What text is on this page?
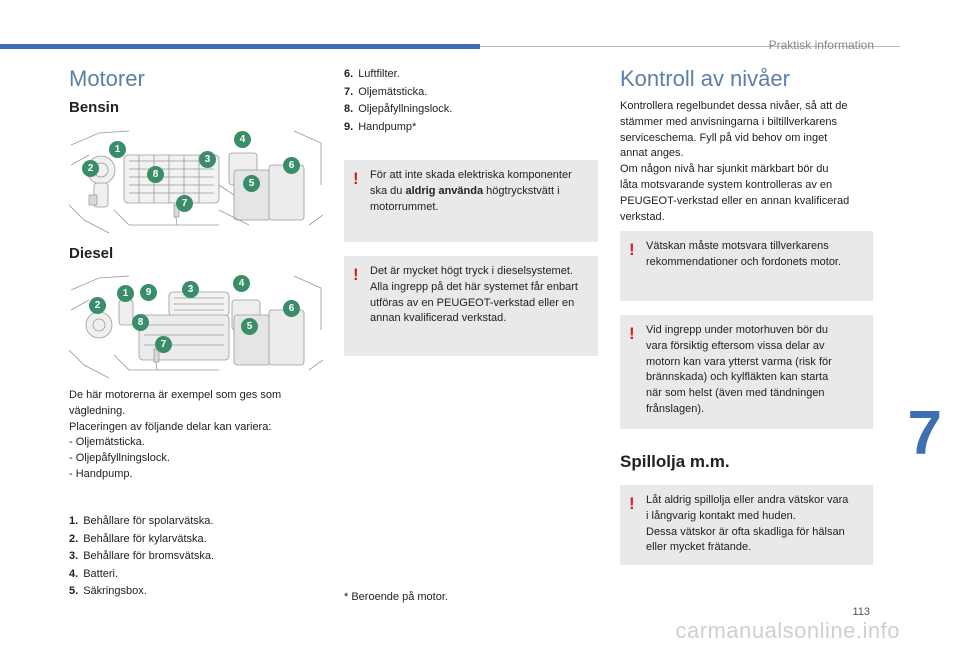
Praktisk information
Motorer
Bensin
1
2
3
4
5
6
7
8
Diesel
1
2
3
4
5
6
7
8
9

De här motorerna är exempel som ges som

vägledning.

Placeringen av följande delar kan variera:

- Oljemätsticka.

- Oljepåfyllningslock.

- Handpump.

1. Behållare för spolarvätska.
2. Behållare för kylarvätska.
3. Behållare för bromsvätska.
4. Batteri.
5. Säkringsbox.
6. Luftfilter.
7. Oljemätsticka.
8. Oljepåfyllningslock.
9. Handpump*
! För att inte skada elektriska komponenter

ska du aldrig använda högtryckstvätt i

motorrummet.

! Det är mycket högt tryck i dieselsystemet.

Alla ingrepp på det här systemet får enbart

utföras av en PEUGEOT-verkstad eller en

annan kvalificerad verkstad.

* Beroende på motor.
Kontroll av nivåer

Kontrollera regelbundet dessa nivåer, så att de

stämmer med anvisningarna i biltillverkarens

serviceschema. Fyll på vid behov om inget

annat anges.

Om någon nivå har sjunkit märkbart bör du

låta motsvarande system kontrolleras av en

PEUGEOT-verkstad eller en annan kvalificerad

verkstad.

! Vätskan måste motsvara tillverkarens

rekommendationer och fordonets motor.

! Vid ingrepp under motorhuven bör du

vara försiktig eftersom vissa delar av

motorn kan vara ytterst varma (risk för

brännskada) och kylfläkten kan starta

när som helst (även med tändningen

frånslagen).

Spillolja m.m.
! Låt aldrig spillolja eller andra vätskor vara

i långvarig kontakt med huden.

Dessa vätskor är ofta skadliga för hälsan

eller mycket frätande.

7
113
carmanualsonline.info
